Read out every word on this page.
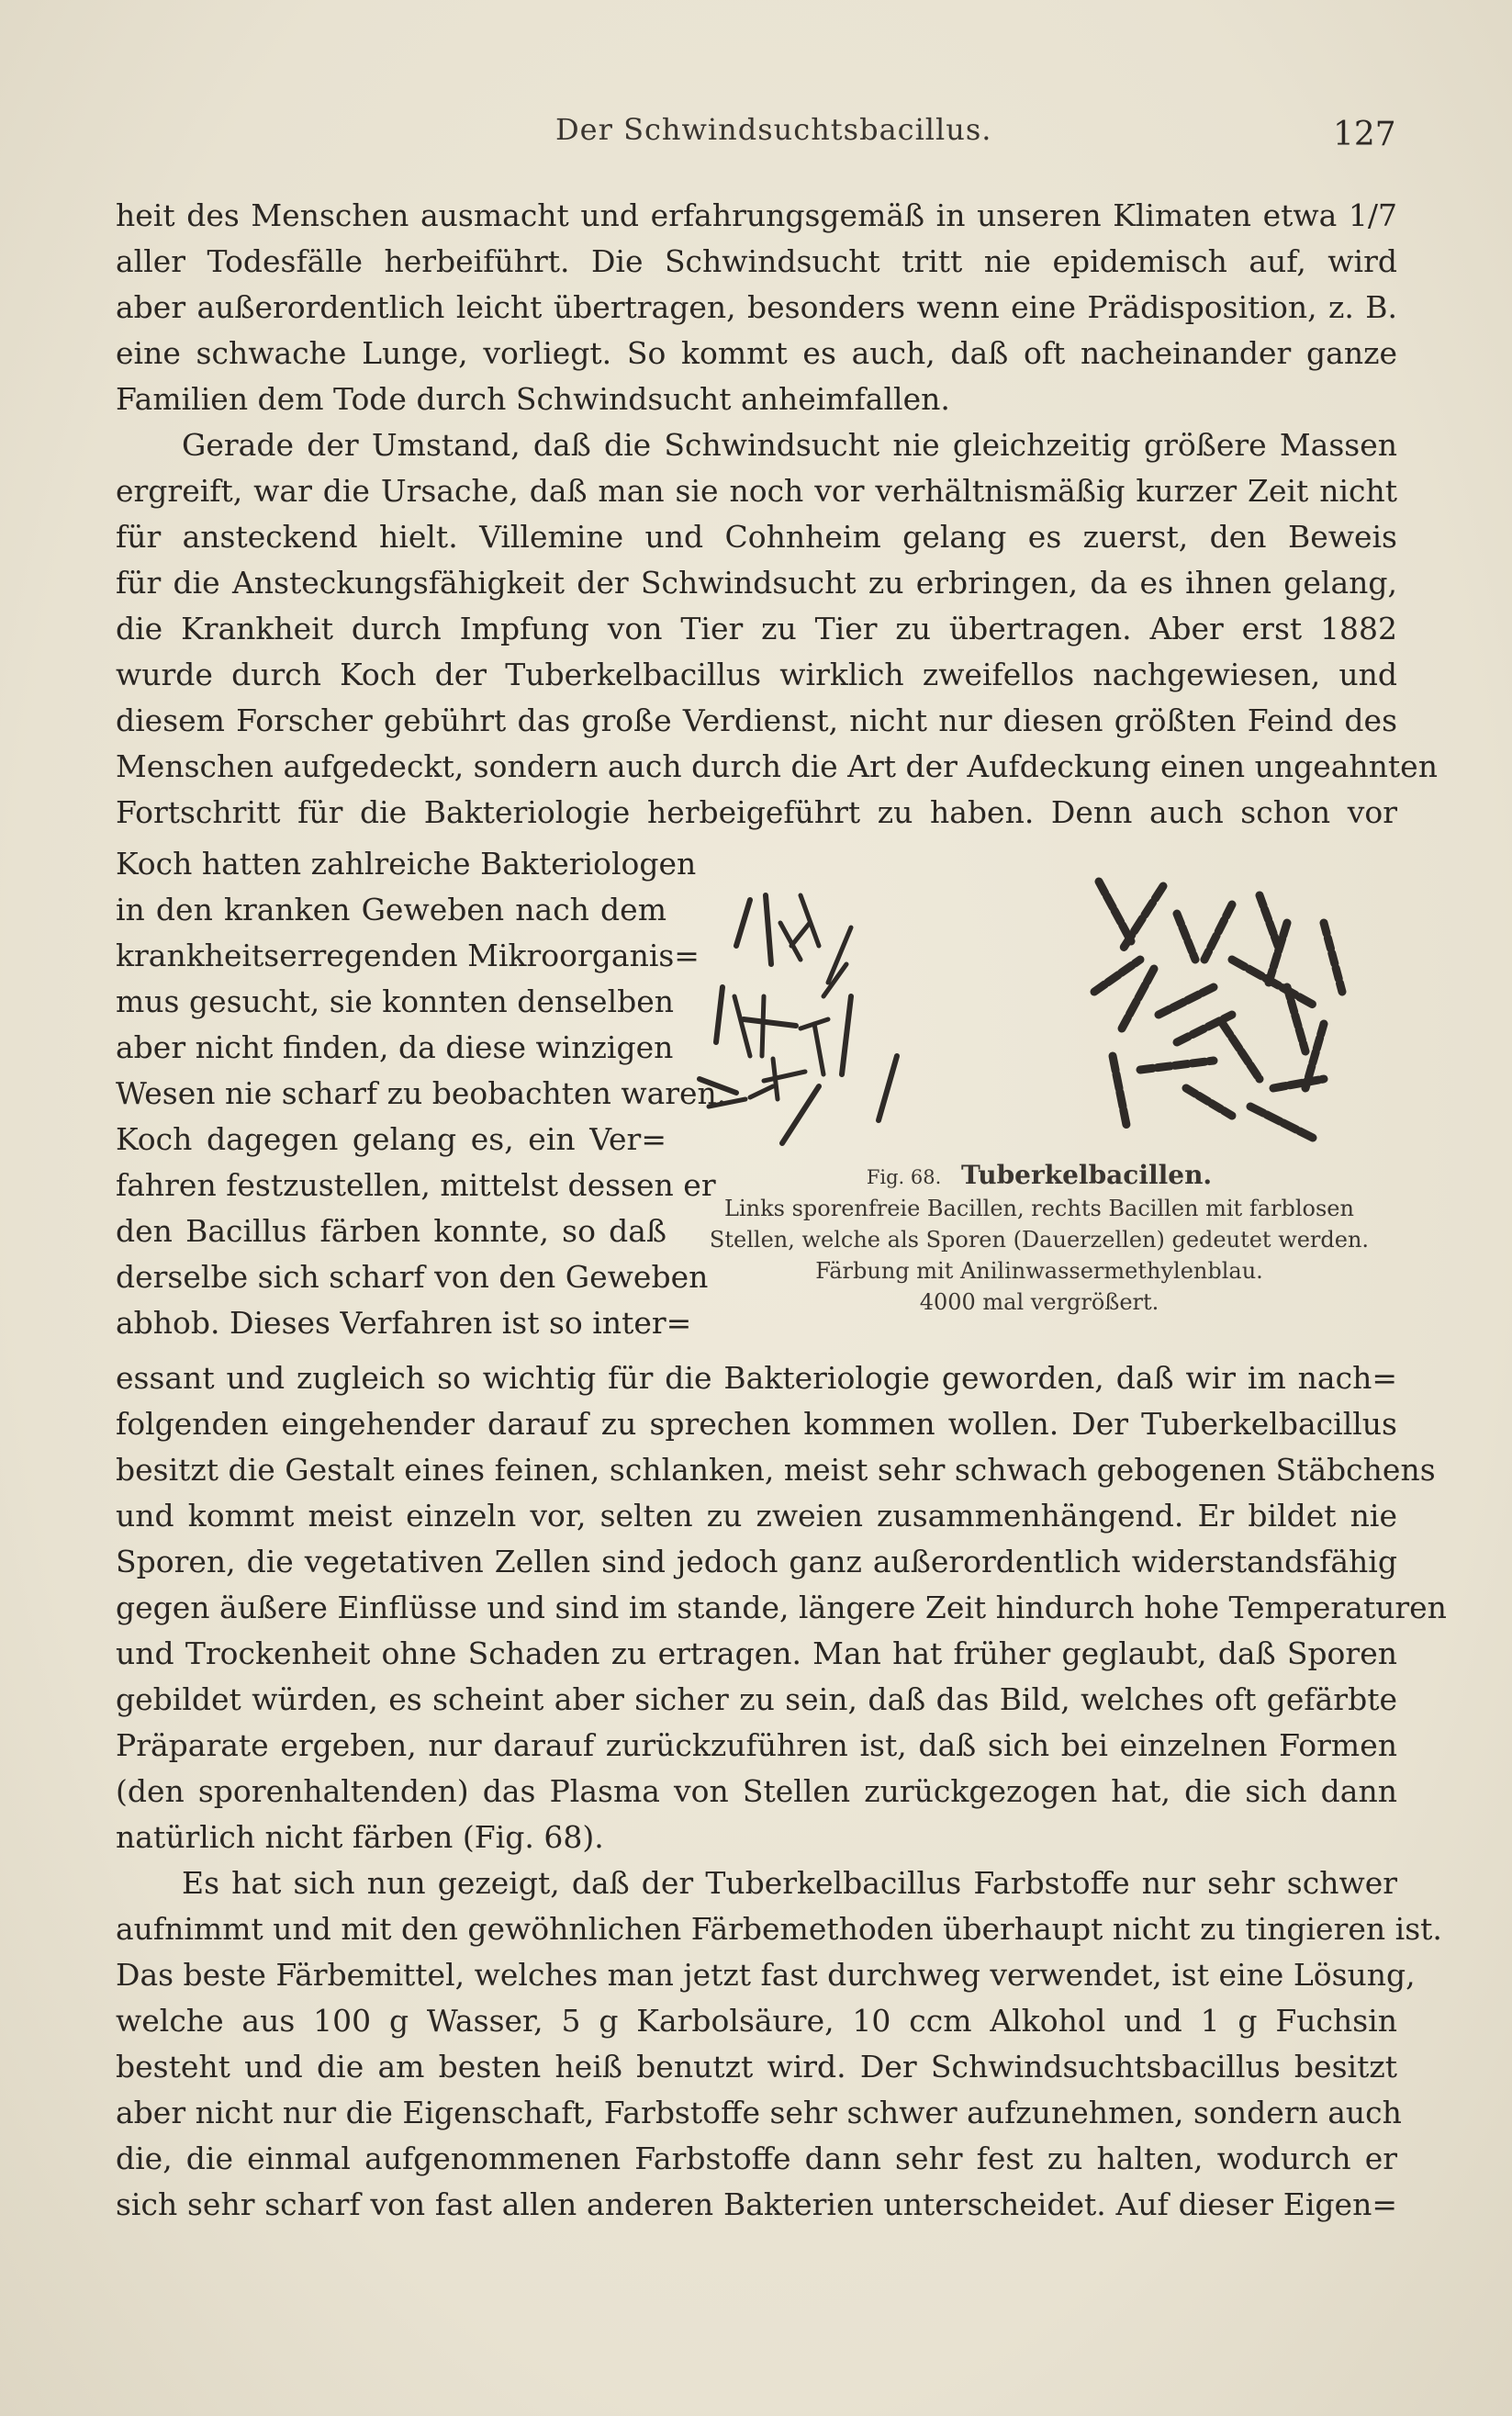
Der Schwindsuchtsbacillus.	127
heit des Menschen ausmacht und erfahrungsgemäß in unseren Klimaten etwa 1/7
aller Todesfälle herbeiführt. Die Schwindsucht tritt nie epidemisch auf, wird
aber außerordentlich leicht übertragen, besonders wenn eine Prädisposition, z. B.
eine schwache Lunge, vorliegt. So kommt es auch, daß oft nacheinander ganze
Familien dem Tode durch Schwindsucht anheimfallen.
Gerade der Umstand, daß die Schwindsucht nie gleichzeitig größere Massen
ergreift, war die Ursache, daß man sie noch vor verhältnismäßig kurzer Zeit nicht
für ansteckend hielt. Villemine und Cohnheim gelang es zuerst, den Beweis
für die Ansteckungsfähigkeit der Schwindsucht zu erbringen, da es ihnen gelang,
die Krankheit durch Impfung von Tier zu Tier zu übertragen. Aber erst 1882
wurde durch Koch der Tuberkelbacillus wirklich zweifellos nachgewiesen, und
diesem Forscher gebührt das große Verdienst, nicht nur diesen größten Feind des
Menschen aufgedeckt, sondern auch durch die Art der Aufdeckung einen ungeahnten
Fortschritt für die Bakteriologie herbeigeführt zu haben. Denn auch schon vor
Koch hatten zahlreiche Bakteriologen
in den kranken Geweben nach dem
krankheitserregenden Mikroorganis=
mus gesucht, sie konnten denselben
aber nicht finden, da diese winzigen
Wesen nie scharf zu beobachten waren.
Koch dagegen gelang es, ein Ver=
fahren festzustellen, mittelst dessen er
den Bacillus färben konnte, so daß
derselbe sich scharf von den Geweben
abhob. Dieses Verfahren ist so inter=
Fig. 68. Tuberkelbacillen.
Links sporenfreie Bacillen, rechts Bacillen mit farblosen
Stellen, welche als Sporen (Dauerzellen) gedeutet werden.
Färbung mit Anilinwassermethylenblau.
4000 mal vergrößert.
essant und zugleich so wichtig für die Bakteriologie geworden, daß wir im nach=
folgenden eingehender darauf zu sprechen kommen wollen. Der Tuberkelbacillus
besitzt die Gestalt eines feinen, schlanken, meist sehr schwach gebogenen Stäbchens
und kommt meist einzeln vor, selten zu zweien zusammenhängend. Er bildet nie
Sporen, die vegetativen Zellen sind jedoch ganz außerordentlich widerstandsfähig
gegen äußere Einflüsse und sind im stande, längere Zeit hindurch hohe Temperaturen
und Trockenheit ohne Schaden zu ertragen. Man hat früher geglaubt, daß Sporen
gebildet würden, es scheint aber sicher zu sein, daß das Bild, welches oft gefärbte
Präparate ergeben, nur darauf zurückzuführen ist, daß sich bei einzelnen Formen
(den sporenhaltenden) das Plasma von Stellen zurückgezogen hat, die sich dann
natürlich nicht färben (Fig. 68).
Es hat sich nun gezeigt, daß der Tuberkelbacillus Farbstoffe nur sehr schwer
aufnimmt und mit den gewöhnlichen Färbemethoden überhaupt nicht zu tingieren ist.
Das beste Färbemittel, welches man jetzt fast durchweg verwendet, ist eine Lösung,
welche aus 100 g Wasser, 5 g Karbolsäure, 10 ccm Alkohol und 1 g Fuchsin
besteht und die am besten heiß benutzt wird. Der Schwindsuchtsbacillus besitzt
aber nicht nur die Eigenschaft, Farbstoffe sehr schwer aufzunehmen, sondern auch
die, die einmal aufgenommenen Farbstoffe dann sehr fest zu halten, wodurch er
sich sehr scharf von fast allen anderen Bakterien unterscheidet. Auf dieser Eigen=
